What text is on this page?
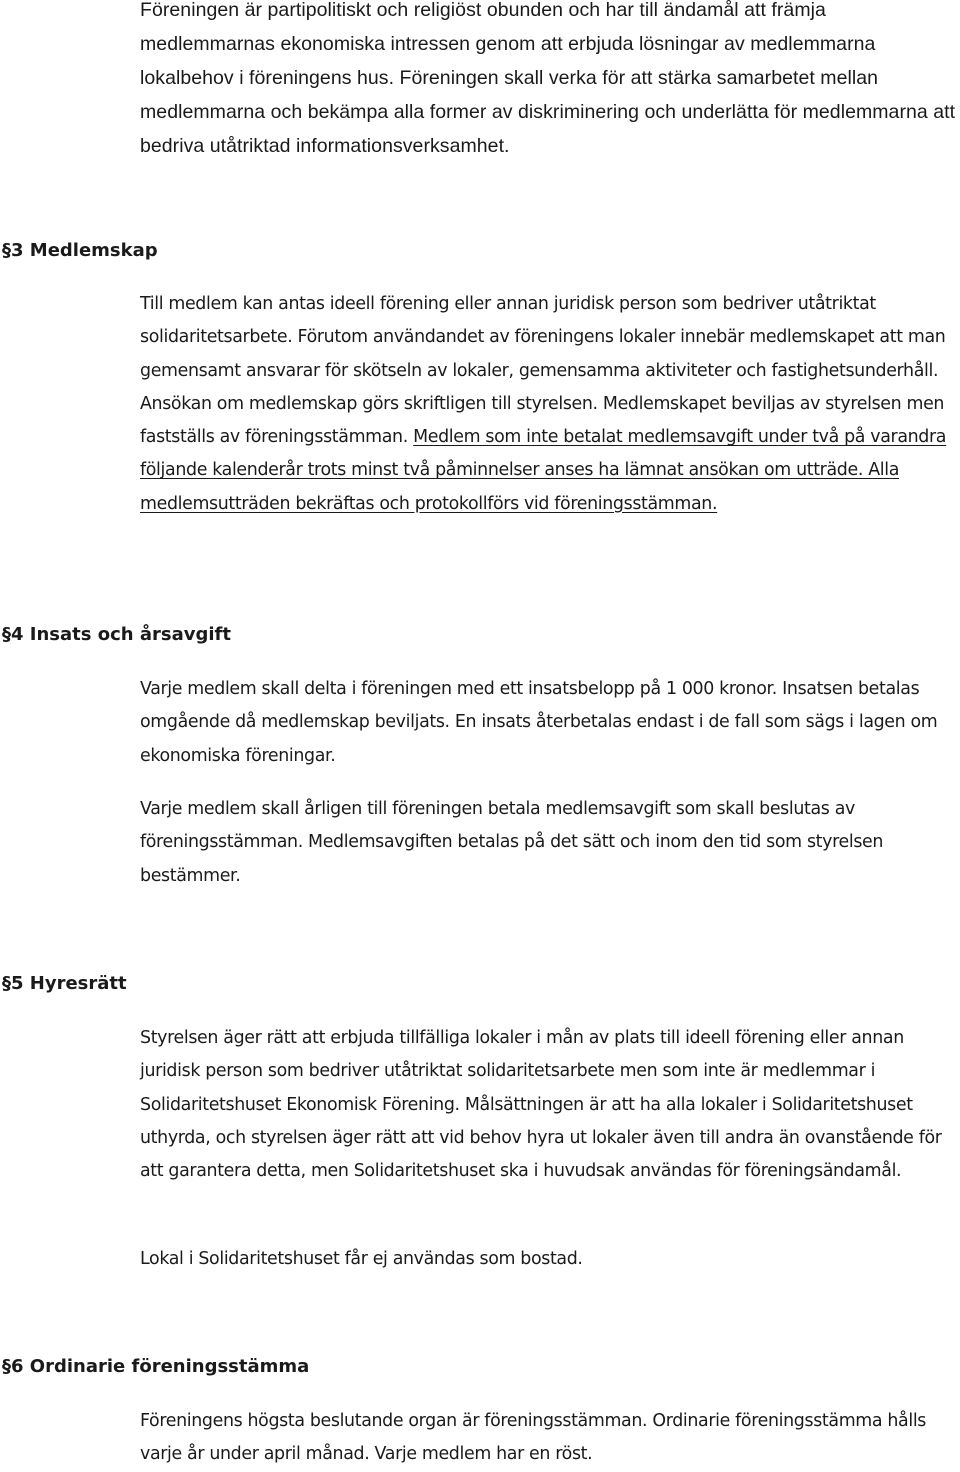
Föreningen är partipolitiskt och religiöst obunden och har till ändamål att främja medlemmarnas ekonomiska intressen genom att erbjuda lösningar av medlemmarna lokalbehov i föreningens hus. Föreningen skall verka för att stärka samarbetet mellan medlemmarna och bekämpa alla former av diskriminering och underlätta för medlemmarna att bedriva utåtriktad informationsverksamhet.

§3 Medlemskap

Till medlem kan antas ideell förening eller annan juridisk person som bedriver utåtriktat solidaritetsarbete. Förutom användandet av föreningens lokaler innebär medlemskapet att man gemensamt ansvarar för skötseln av lokaler, gemensamma aktiviteter och fastighetsunderhåll. Ansökan om medlemskap görs skriftligen till styrelsen. Medlemskapet beviljas av styrelsen men fastställs av föreningsstämman. Medlem som inte betalat medlemsavgift under två på varandra följande kalenderår trots minst två påminnelser anses ha lämnat ansökan om utträde. Alla medlemsutträden bekräftas och protokollförs vid föreningsstämman.

§4 Insats och årsavgift

Varje medlem skall delta i föreningen med ett insatsbelopp på 1 000 kronor. Insatsen betalas omgående då medlemskap beviljats. En insats återbetalas endast i de fall som sägs i lagen om ekonomiska föreningar.

Varje medlem skall årligen till föreningen betala medlemsavgift som skall beslutas av föreningsstämman. Medlemsavgiften betalas på det sätt och inom den tid som styrelsen bestämmer.

§5 Hyresrätt

Styrelsen äger rätt att erbjuda tillfälliga lokaler i mån av plats till ideell förening eller annan juridisk person som bedriver utåtriktat solidaritetsarbete men som inte är medlemmar i Solidaritetshuset Ekonomisk Förening. Målsättningen är att ha alla lokaler i Solidaritetshuset uthyrda, och styrelsen äger rätt att vid behov hyra ut lokaler även till andra än ovanstående för att garantera detta, men Solidaritetshuset ska i huvudsak användas för föreningsändamål.

Lokal i Solidaritetshuset får ej användas som bostad.

§6 Ordinarie föreningsstämma

Föreningens högsta beslutande organ är föreningsstämman. Ordinarie föreningsstämma hålls varje år under april månad. Varje medlem har en röst.
